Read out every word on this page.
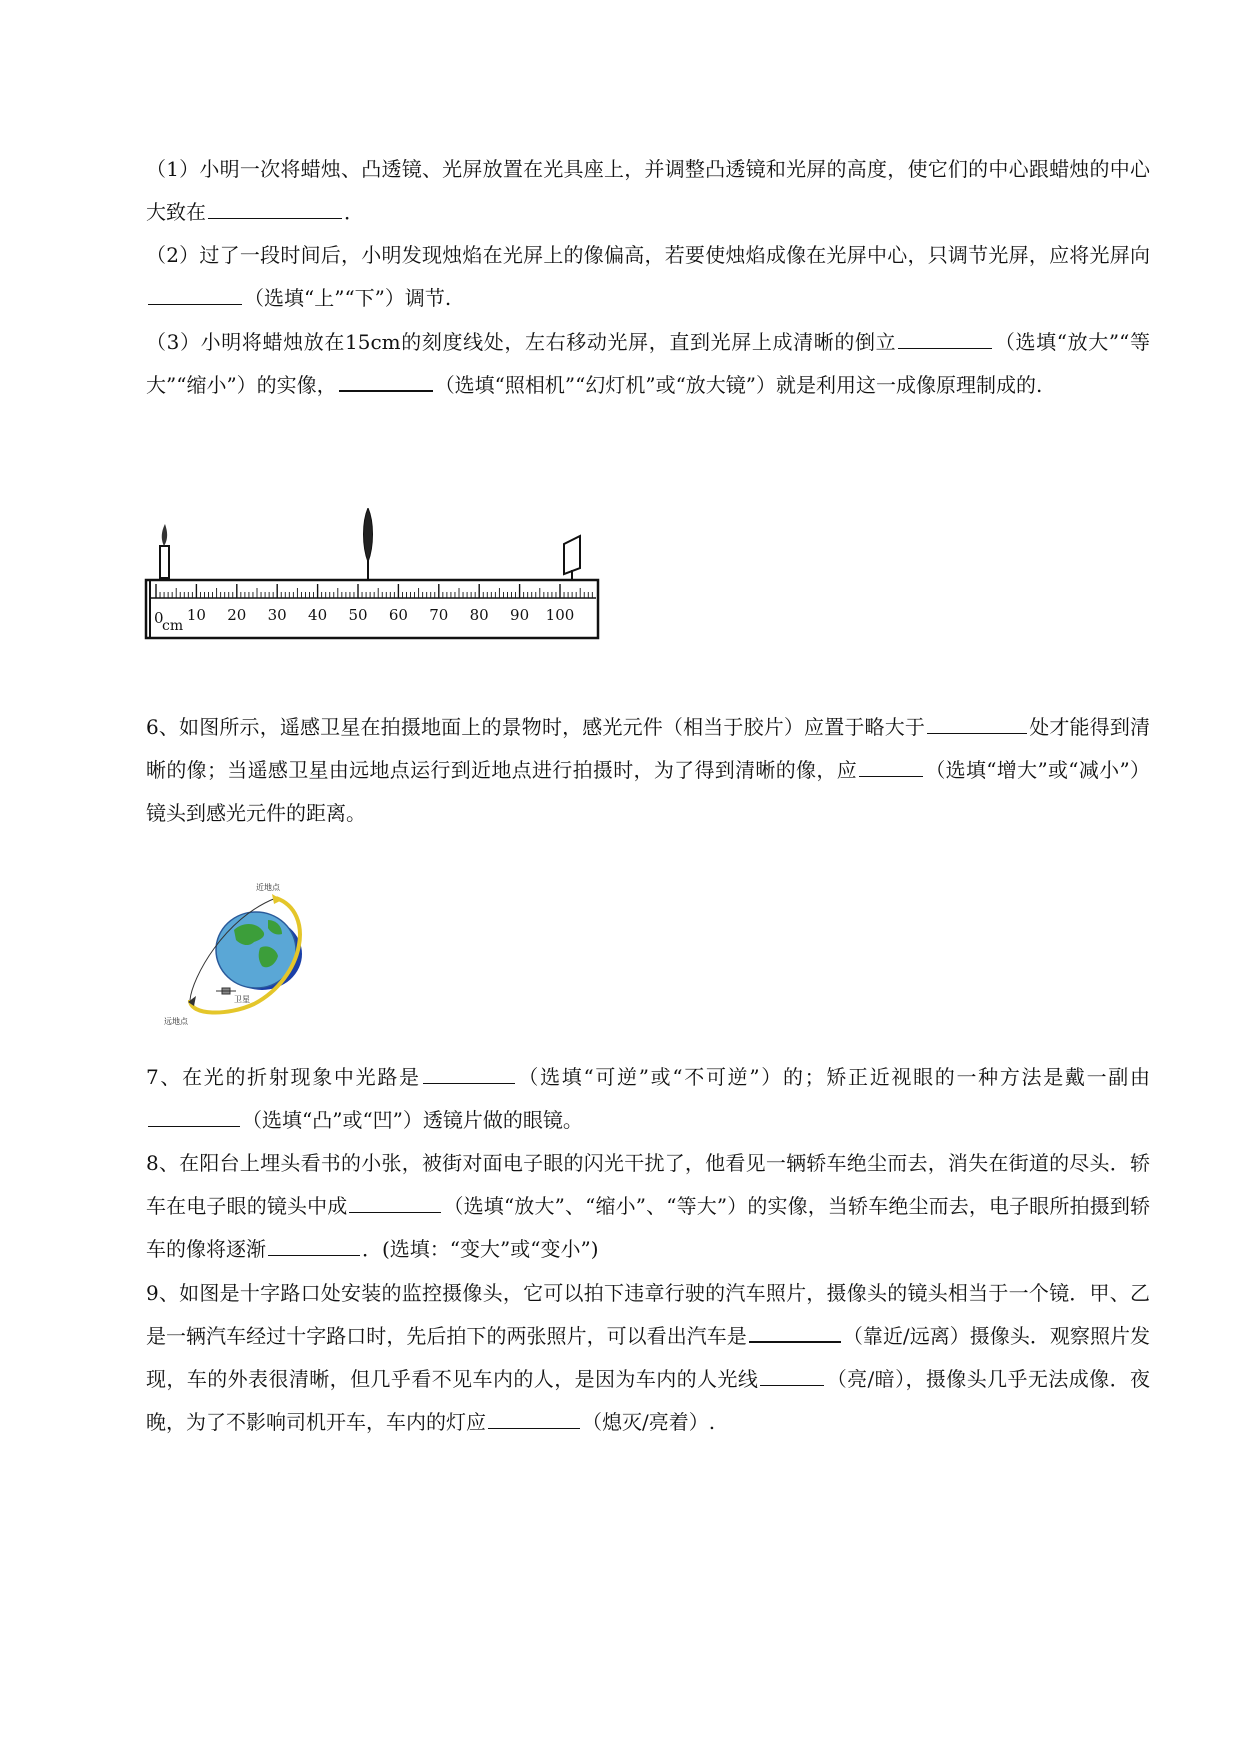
（1）小明一次将蜡烛、凸透镜、光屏放置在光具座上，并调整凸透镜和光屏的高度，使它们的中心跟蜡烛的中心大致在	．

（2）过了一段时间后，小明发现烛焰在光屏上的像偏高，若要使烛焰成像在光屏中心，只调节光屏，应将光屏向（选填“上”“下”）调节.

（3）小明将蜡烛放在15cm的刻度线处，左右移动光屏，直到光屏上成清晰的倒立	（选填“放大”“等大”“缩小”）的实像，	（选填“照相机”“幻灯机”或“放大镜”）就是利用这一成像原理制成的.

0
cm
10 20 30 40 50 60 70 80 90 100

6、如图所示，遥感卫星在拍摄地面上的景物时，感光元件（相当于胶片）应置于略大于	处才能得到清晰的像；当遥感卫星由远地点运行到近地点进行拍摄时，为了得到清晰的像，应	（选填“增大”或“减小”）镜头到感光元件的距离。

近地点
远地点
卫星

7、在光的折射现象中光路是	（选填“可逆”或“不可逆”）的；矫正近视眼的一种方法是戴一副由（选填“凸”或“凹”）透镜片做的眼镜。

8、在阳台上埋头看书的小张，被街对面电子眼的闪光干扰了，他看见一辆轿车绝尘而去，消失在街道的尽头．轿车在电子眼的镜头中成	（选填“放大”、“缩小”、“等大”）的实像，当轿车绝尘而去，电子眼所拍摄到轿车的像将逐渐	．(选填：“变大”或“变小”)

9、如图是十字路口处安装的监控摄像头，它可以拍下违章行驶的汽车照片，摄像头的镜头相当于一个镜．甲、乙是一辆汽车经过十字路口时，先后拍下的两张照片，可以看出汽车是	（靠近/远离）摄像头．观察照片发现，车的外表很清晰，但几乎看不见车内的人，是因为车内的人光线	（亮/暗），摄像头几乎无法成像．夜晚，为了不影响司机开车，车内的灯应	（熄灭/亮着）.
